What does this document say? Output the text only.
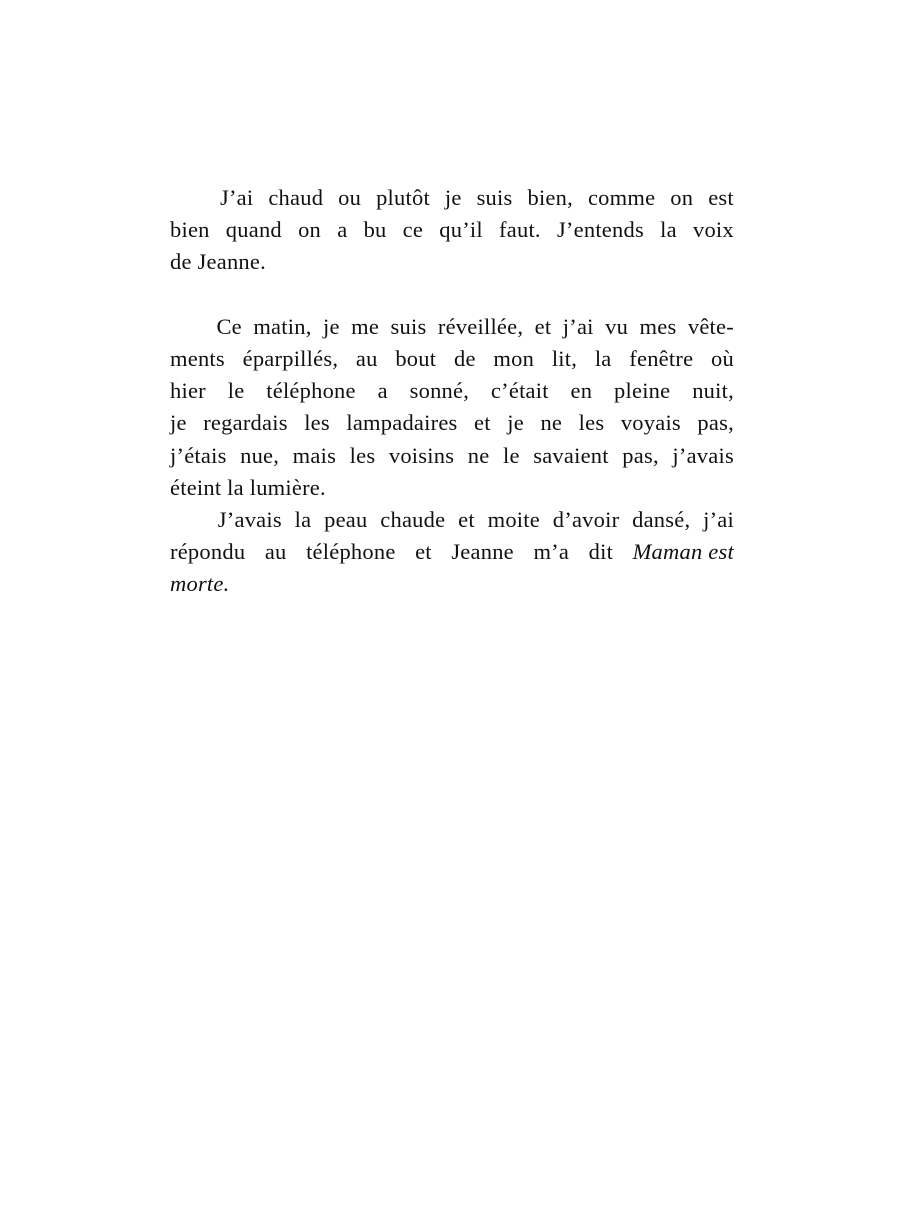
J’ai chaud ou plutôt je suis bien, comme on est
bien quand on a bu ce qu’il faut. J’entends la voix
de Jeanne.

Ce matin, je me suis réveillée, et j’ai vu mes vête-
ments éparpillés, au bout de mon lit, la fenêtre où
hier le téléphone a sonné, c’était en pleine nuit,
je regardais les lampadaires et je ne les voyais pas,
j’étais nue, mais les voisins ne le savaient pas, j’avais
éteint la lumière.

J’avais la peau chaude et moite d’avoir dansé, j’ai
répondu au téléphone et Jeanne m’a dit Maman est
morte.
